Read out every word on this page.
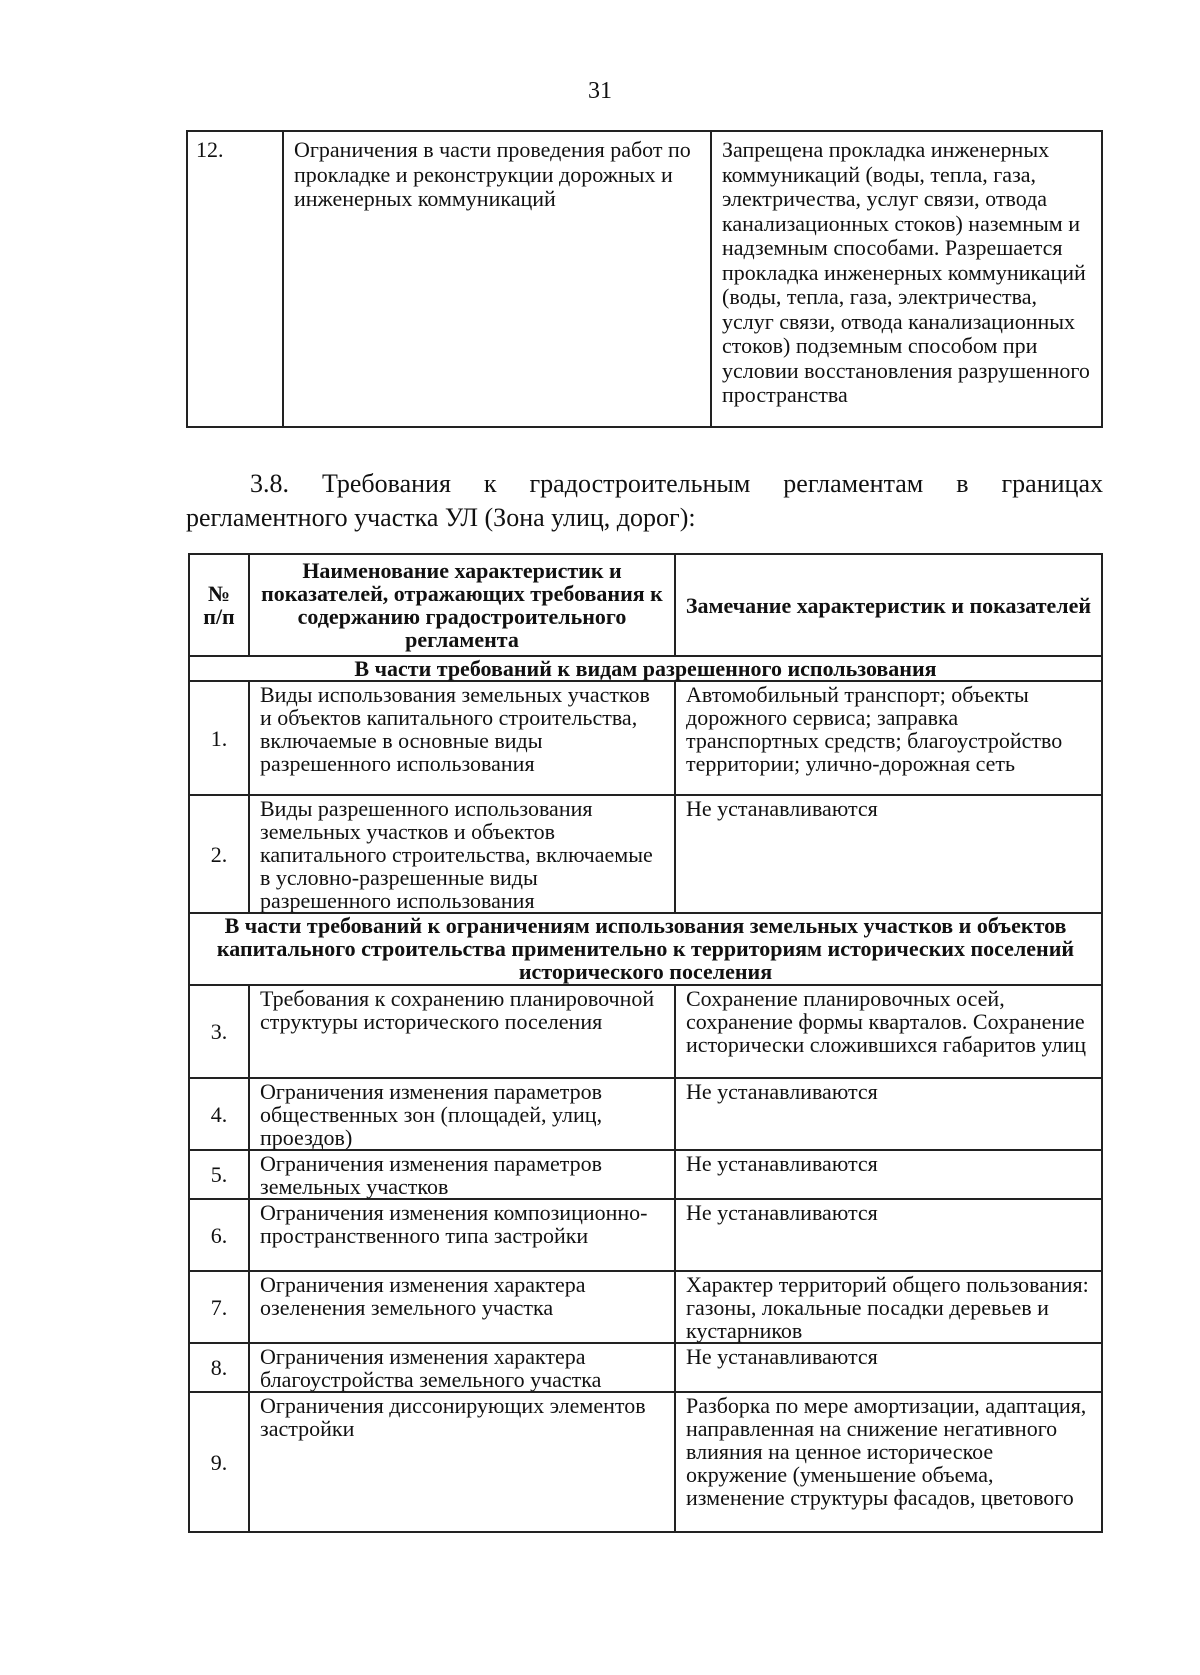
31
12.	Ограничения в части проведения работ по прокладке и реконструкции дорожных и инженерных коммуникаций	Запрещена прокладка инженерных коммуникаций (воды, тепла, газа, электричества, услуг связи, отвода канализационных стоков) наземным и надземным способами. Разрешается прокладка инженерных коммуникаций (воды, тепла, газа, электричества, услуг связи, отвода канализационных стоков) подземным способом при условии восстановления разрушенного пространства
3.8. Требования к градостроительным регламентам в границах
регламентного участка УЛ (Зона улиц, дорог):
№ п/п	Наименование характеристик и показателей, отражающих требования к содержанию градостроительного регламента	Замечание характеристик и показателей
В части требований к видам разрешенного использования		
1.	Виды использования земельных участков и объектов капитального строительства, включаемые в основные виды разрешенного использования	Автомобильный транспорт; объекты дорожного сервиса; заправка транспортных средств; благоустройство территории; улично-дорожная сеть
2.	Виды разрешенного использования земельных участков и объектов капитального строительства, включаемые в условно-разрешенные виды разрешенного использования	Не устанавливаются
В части требований к ограничениям использования земельных участков и объектов капитального строительства применительно к территориям исторических поселений исторического поселения		
3.	Требования к сохранению планировочной структуры исторического поселения	Сохранение планировочных осей, сохранение формы кварталов. Сохранение исторически сложившихся габаритов улиц
4.	Ограничения изменения параметров общественных зон (площадей, улиц, проездов)	Не устанавливаются
5.	Ограничения изменения параметров земельных участков	Не устанавливаются
6.	Ограничения изменения композиционно-пространственного типа застройки	Не устанавливаются
7.	Ограничения изменения характера озеленения земельного участка	Характер территорий общего пользования: газоны, локальные посадки деревьев и кустарников
8.	Ограничения изменения характера благоустройства земельного участка	Не устанавливаются
9.	Ограничения диссонирующих элементов застройки	Разборка по мере амортизации, адаптация, направленная на снижение негативного влияния на ценное историческое окружение (уменьшение объема, изменение структуры фасадов, цветового
